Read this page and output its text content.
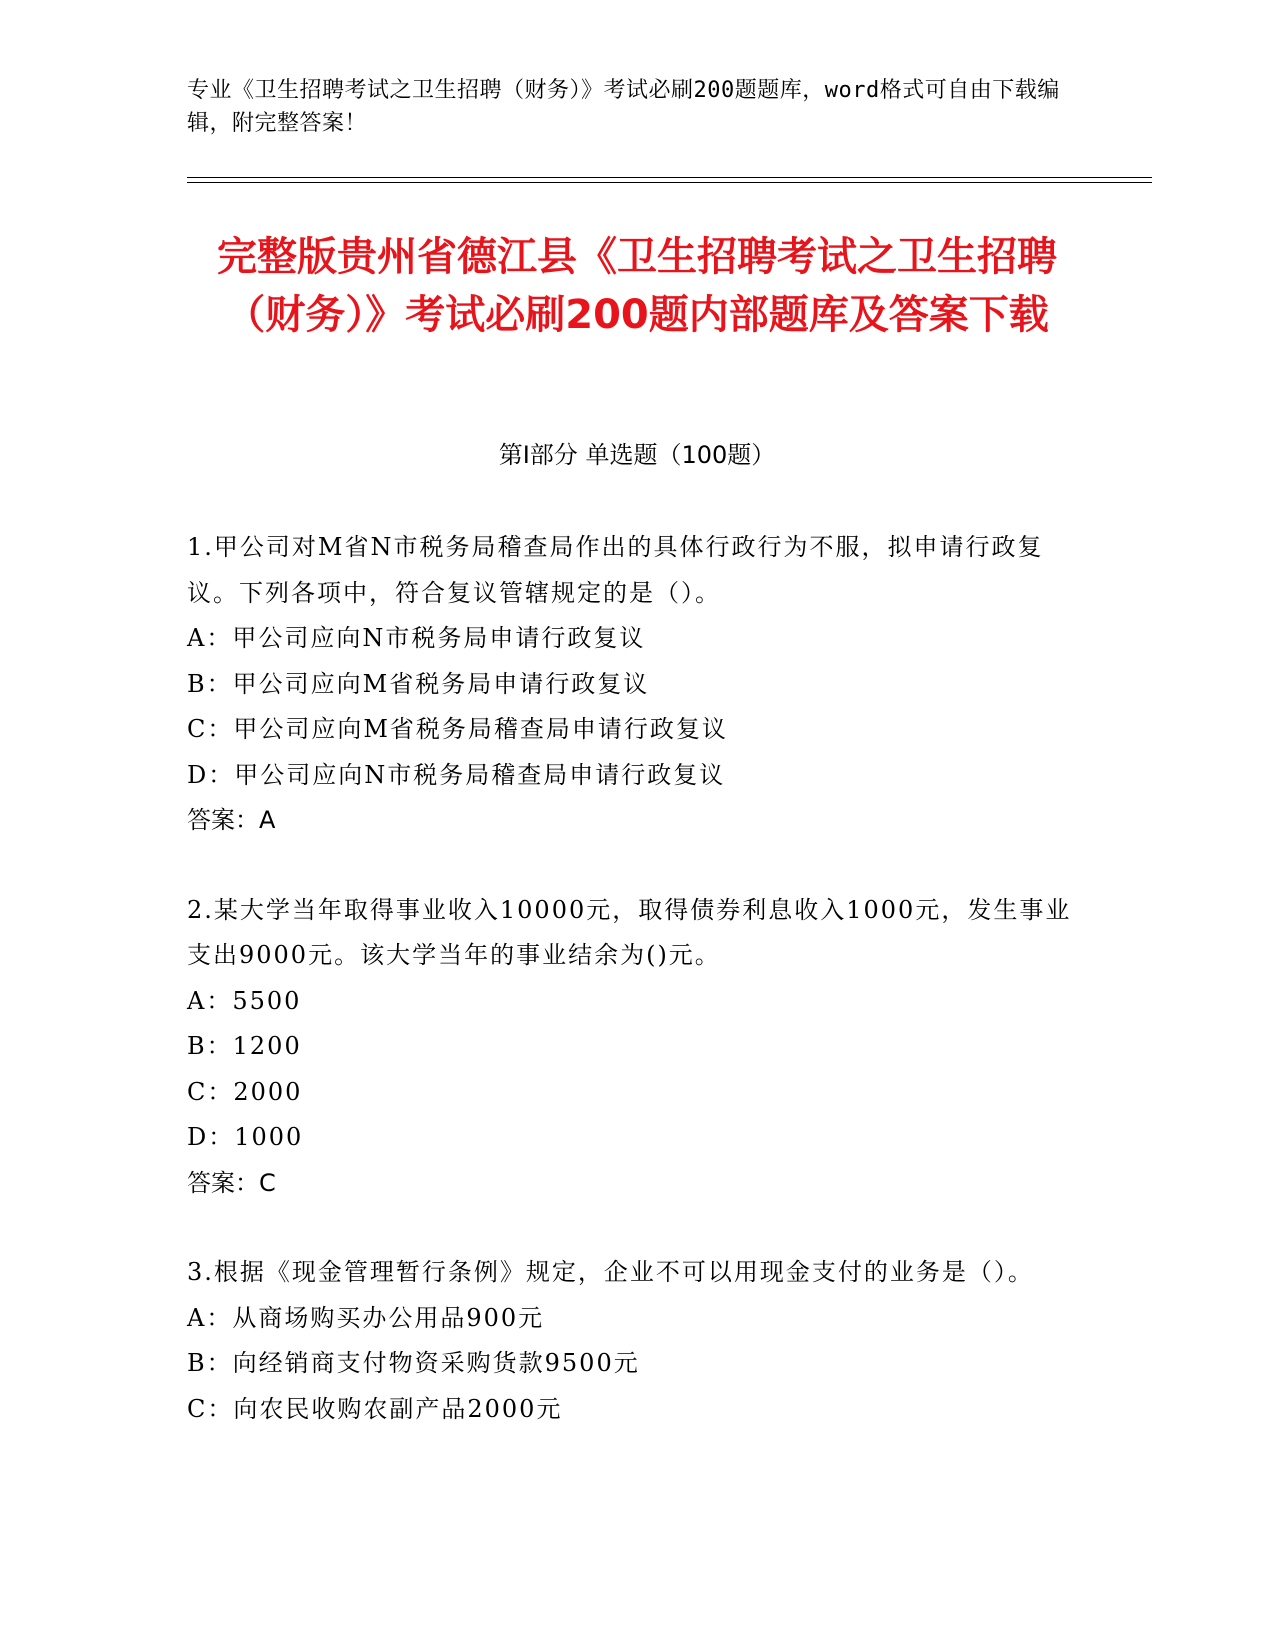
专业《卫生招聘考试之卫生招聘（财务）》考试必刷200题题库，word格式可自由下载编辑，附完整答案！
完整版贵州省德江县《卫生招聘考试之卫生招聘（财务）》考试必刷200题内部题库及答案下载
第Ⅰ部分 单选题（100题）
1.甲公司对M省N市税务局稽查局作出的具体行政行为不服，拟申请行政复议。下列各项中，符合复议管辖规定的是（）。
A：甲公司应向N市税务局申请行政复议
B：甲公司应向M省税务局申请行政复议
C：甲公司应向M省税务局稽查局申请行政复议
D：甲公司应向N市税务局稽查局申请行政复议
答案：A
2.某大学当年取得事业收入10000元，取得债券利息收入1000元，发生事业支出9000元。该大学当年的事业结余为()元。
A：5500
B：1200
C：2000
D：1000
答案：C
3.根据《现金管理暂行条例》规定，企业不可以用现金支付的业务是（）。
A：从商场购买办公用品900元
B：向经销商支付物资采购货款9500元
C：向农民收购农副产品2000元
